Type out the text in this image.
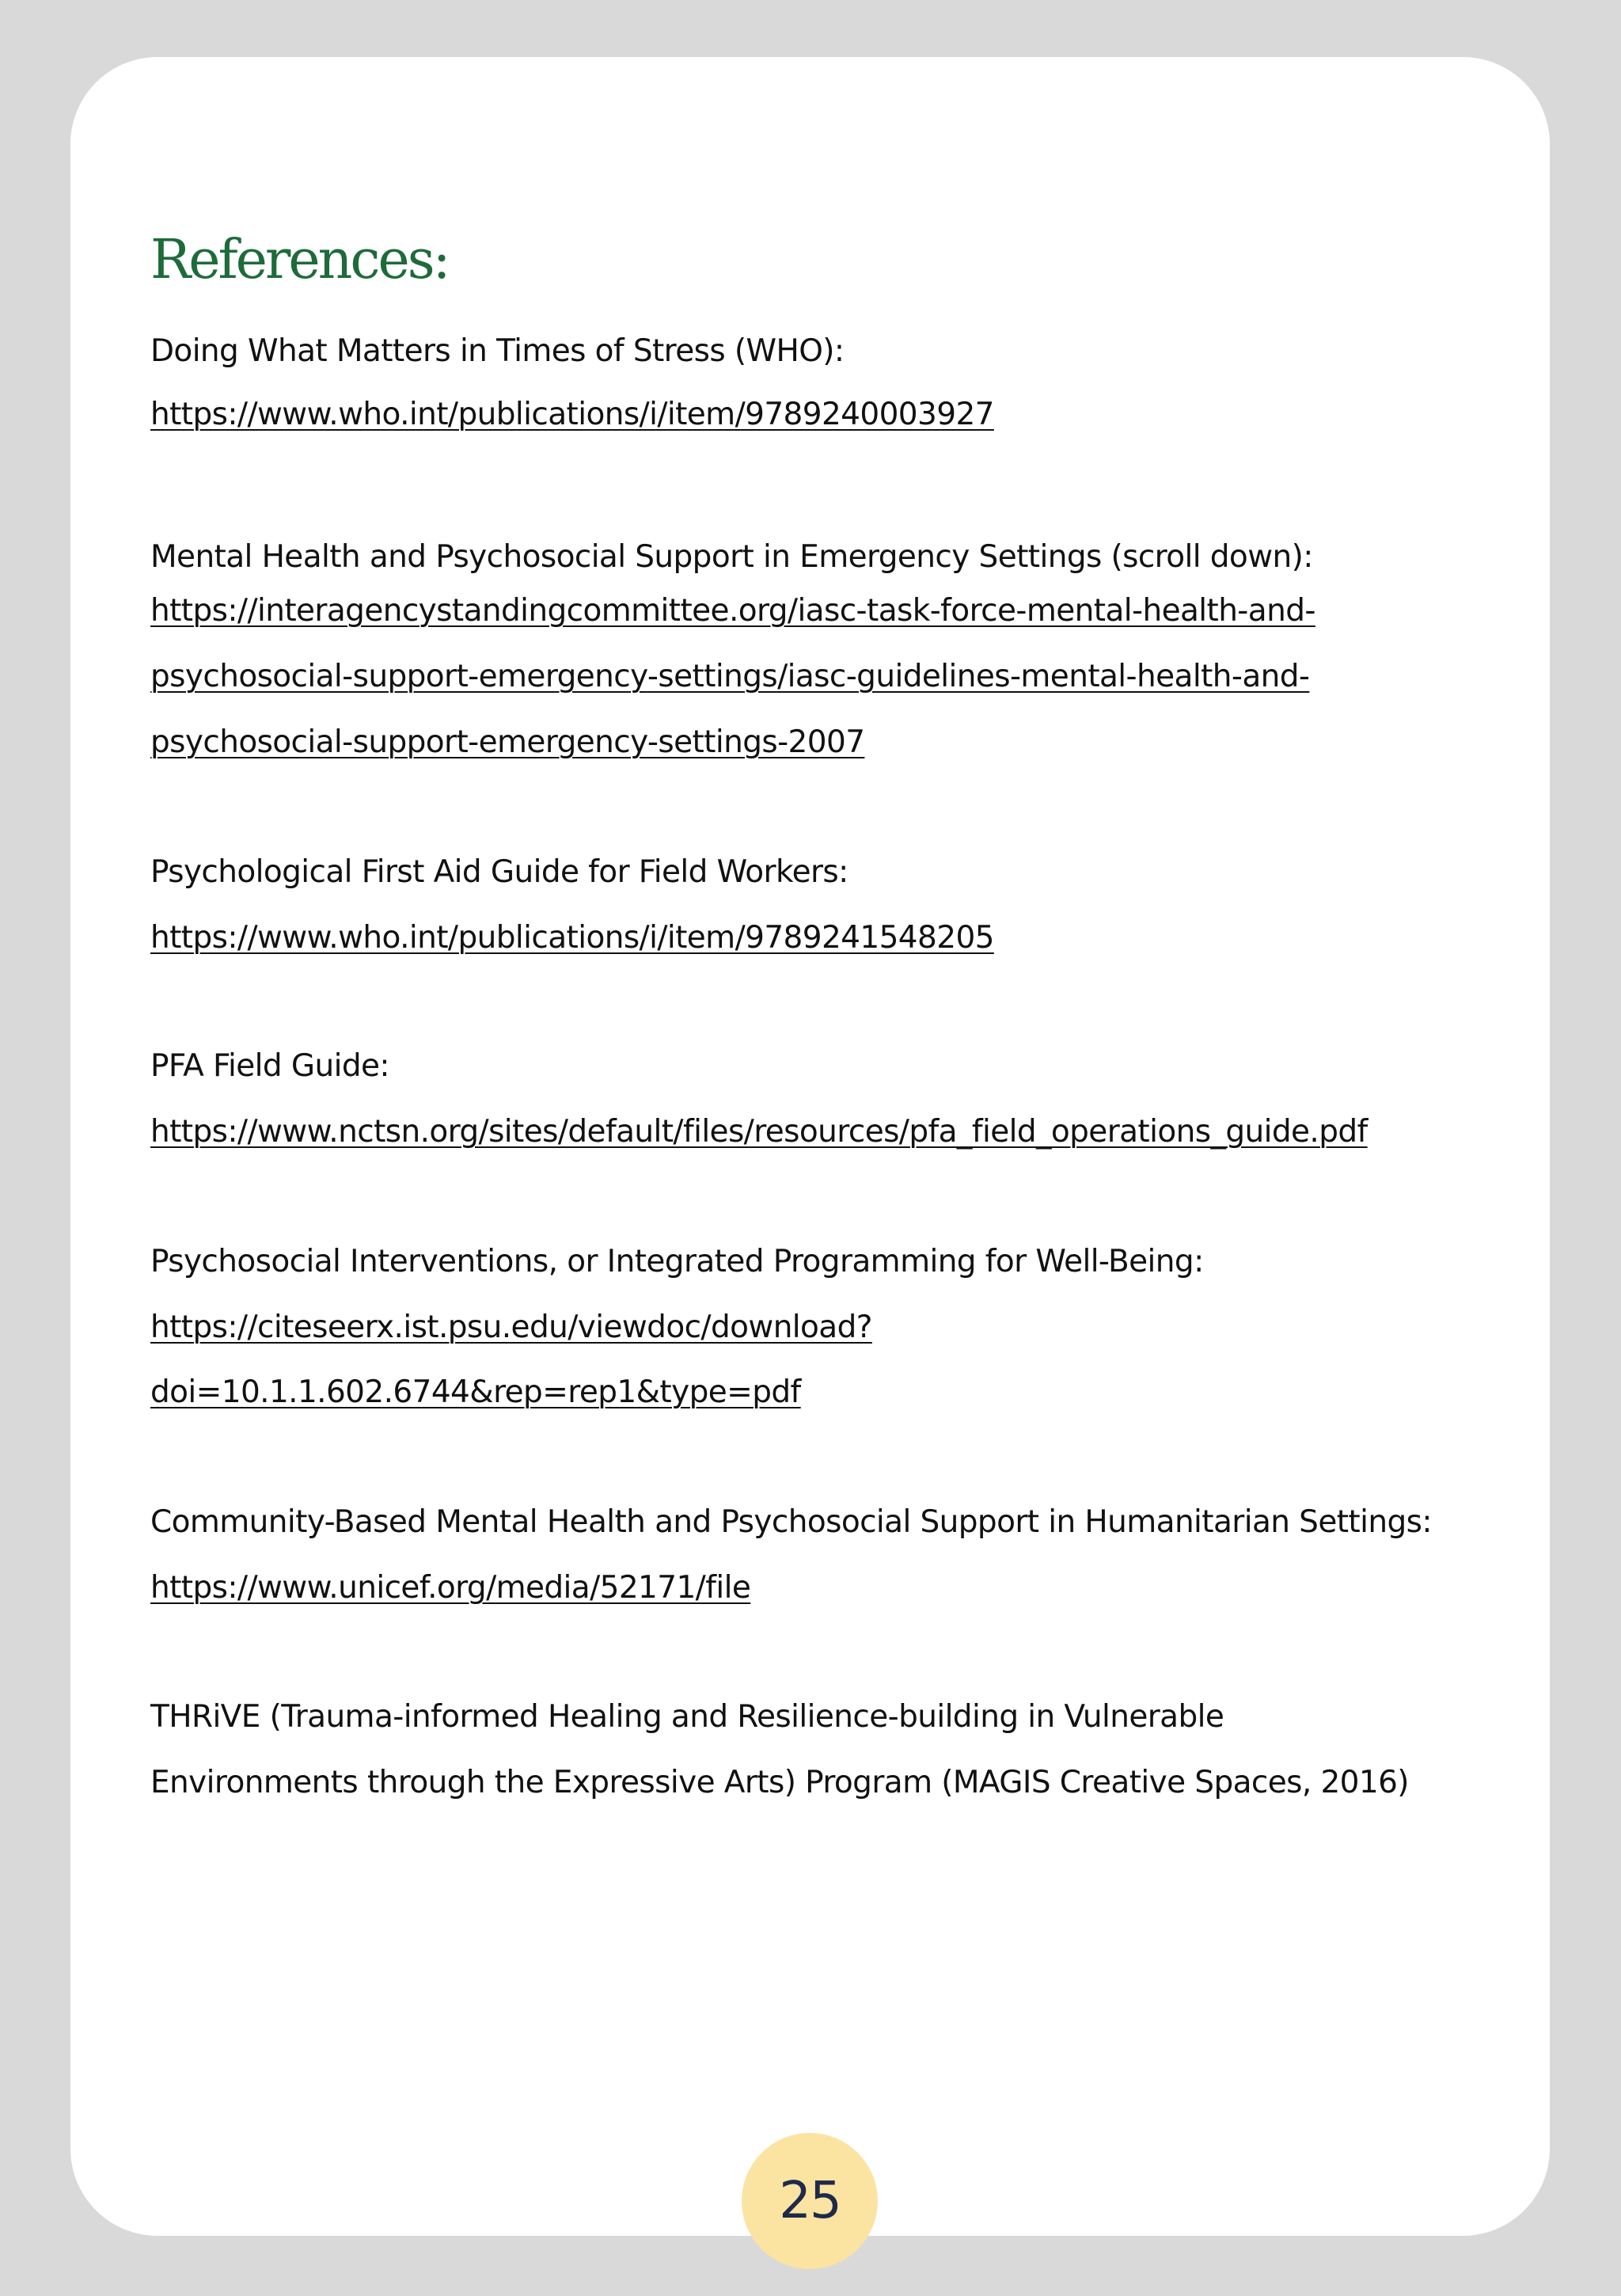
References:

Doing What Matters in Times of Stress (WHO):

https://www.who.int/publications/i/item/9789240003927

Mental Health and Psychosocial Support in Emergency Settings (scroll down):

https://interagencystandingcommittee.org/iasc-task-force-mental-health-and-

psychosocial-support-emergency-settings/iasc-guidelines-mental-health-and-

psychosocial-support-emergency-settings-2007

Psychological First Aid Guide for Field Workers:

https://www.who.int/publications/i/item/9789241548205

PFA Field Guide:

https://www.nctsn.org/sites/default/files/resources/pfa_field_operations_guide.pdf

Psychosocial Interventions, or Integrated Programming for Well-Being:

https://citeseerx.ist.psu.edu/viewdoc/download?

doi=10.1.1.602.6744&rep=rep1&type=pdf

Community-Based Mental Health and Psychosocial Support in Humanitarian Settings:

https://www.unicef.org/media/52171/file

THRiVE (Trauma-informed Healing and Resilience-building in Vulnerable

Environments through the Expressive Arts) Program (MAGIS Creative Spaces, 2016)

25
